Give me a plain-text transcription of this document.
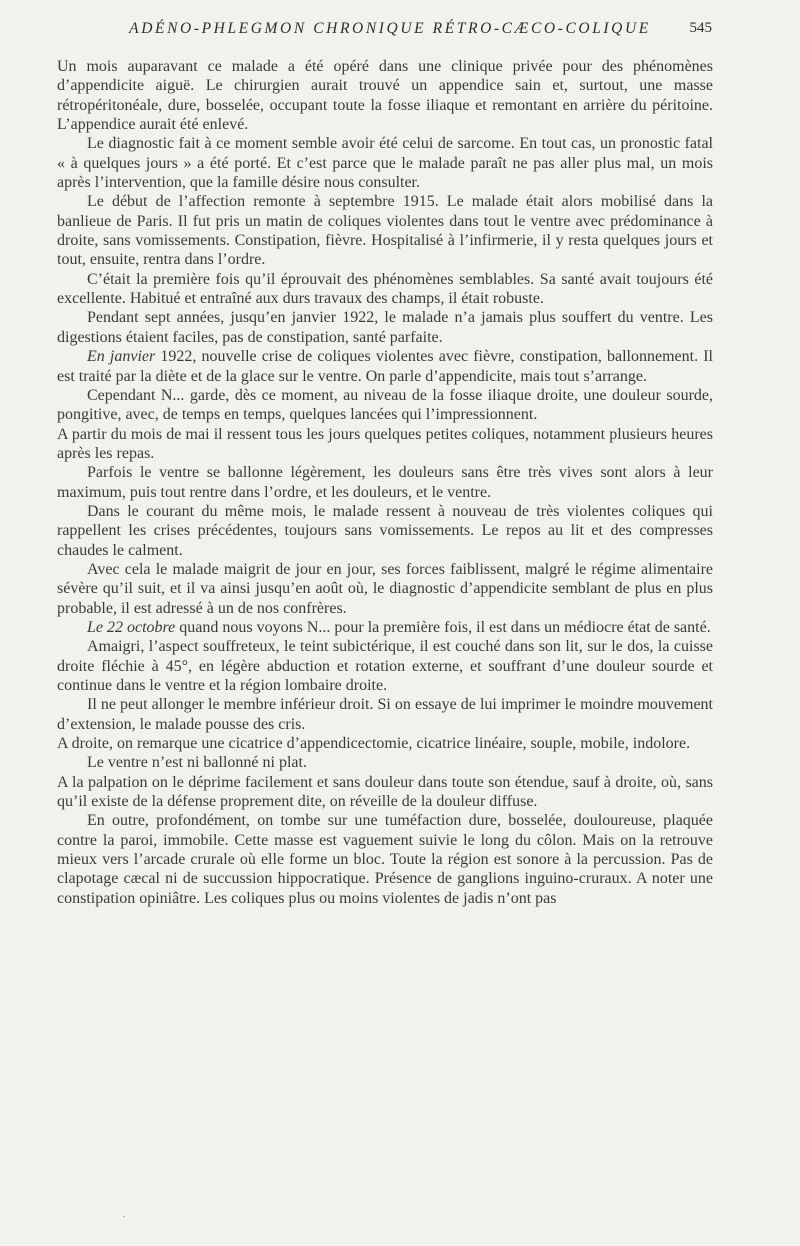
ADÉNO-PHLEGMON CHRONIQUE RÉTRO-CÆCO-COLIQUE	545

Un mois auparavant ce malade a été opéré dans une clinique privée pour des phénomènes d’appendicite aiguë. Le chirurgien aurait trouvé un appendice sain et, surtout, une masse rétropéritonéale, dure, bosselée, occupant toute la fosse iliaque et remontant en arrière du péritoine. L’appendice aurait été enlevé.

Le diagnostic fait à ce moment semble avoir été celui de sarcome. En tout cas, un pronostic fatal « à quelques jours » a été porté. Et c’est parce que le malade paraît ne pas aller plus mal, un mois après l’intervention, que la famille désire nous consulter.

Le début de l’affection remonte à septembre 1915. Le malade était alors mobilisé dans la banlieue de Paris. Il fut pris un matin de coliques violentes dans tout le ventre avec prédominance à droite, sans vomissements. Constipation, fièvre. Hospitalisé à l’infirmerie, il y resta quelques jours et tout, ensuite, rentra dans l’ordre.

C’était la première fois qu’il éprouvait des phénomènes semblables. Sa santé avait toujours été excellente. Habitué et entraîné aux durs travaux des champs, il était robuste.

Pendant sept années, jusqu’en janvier 1922, le malade n’a jamais plus souffert du ventre. Les digestions étaient faciles, pas de constipation, santé parfaite.

En janvier 1922, nouvelle crise de coliques violentes avec fièvre, constipation, ballonnement. Il est traité par la diète et de la glace sur le ventre. On parle d’appendicite, mais tout s’arrange.

Cependant N... garde, dès ce moment, au niveau de la fosse iliaque droite, une douleur sourde, pongitive, avec, de temps en temps, quelques lancées qui l’impressionnent.

A partir du mois de mai il ressent tous les jours quelques petites coliques, notamment plusieurs heures après les repas.

Parfois le ventre se ballonne légèrement, les douleurs sans être très vives sont alors à leur maximum, puis tout rentre dans l’ordre, et les douleurs, et le ventre.

Dans le courant du même mois, le malade ressent à nouveau de très violentes coliques qui rappellent les crises précédentes, toujours sans vomissements. Le repos au lit et des compresses chaudes le calment.

Avec cela le malade maigrit de jour en jour, ses forces faiblissent, malgré le régime alimentaire sévère qu’il suit, et il va ainsi jusqu’en août où, le diagnostic d’appendicite semblant de plus en plus probable, il est adressé à un de nos confrères.

Le 22 octobre quand nous voyons N... pour la première fois, il est dans un médiocre état de santé.

Amaigri, l’aspect souffreteux, le teint subictérique, il est couché dans son lit, sur le dos, la cuisse droite fléchie à 45°, en légère abduction et rotation externe, et souffrant d’une douleur sourde et continue dans le ventre et la région lombaire droite.

Il ne peut allonger le membre inférieur droit. Si on essaye de lui imprimer le moindre mouvement d’extension, le malade pousse des cris.

A droite, on remarque une cicatrice d’appendicectomie, cicatrice linéaire, souple, mobile, indolore.

Le ventre n’est ni ballonné ni plat.

A la palpation on le déprime facilement et sans douleur dans toute son étendue, sauf à droite, où, sans qu’il existe de la défense proprement dite, on réveille de la douleur diffuse.

En outre, profondément, on tombe sur une tuméfaction dure, bosselée, douloureuse, plaquée contre la paroi, immobile. Cette masse est vaguement suivie le long du côlon. Mais on la retrouve mieux vers l’arcade crurale où elle forme un bloc. Toute la région est sonore à la percussion. Pas de clapotage cæcal ni de succussion hippocratique. Présence de ganglions inguino-cruraux. A noter une constipation opiniâtre. Les coliques plus ou moins violentes de jadis n’ont pas

·
